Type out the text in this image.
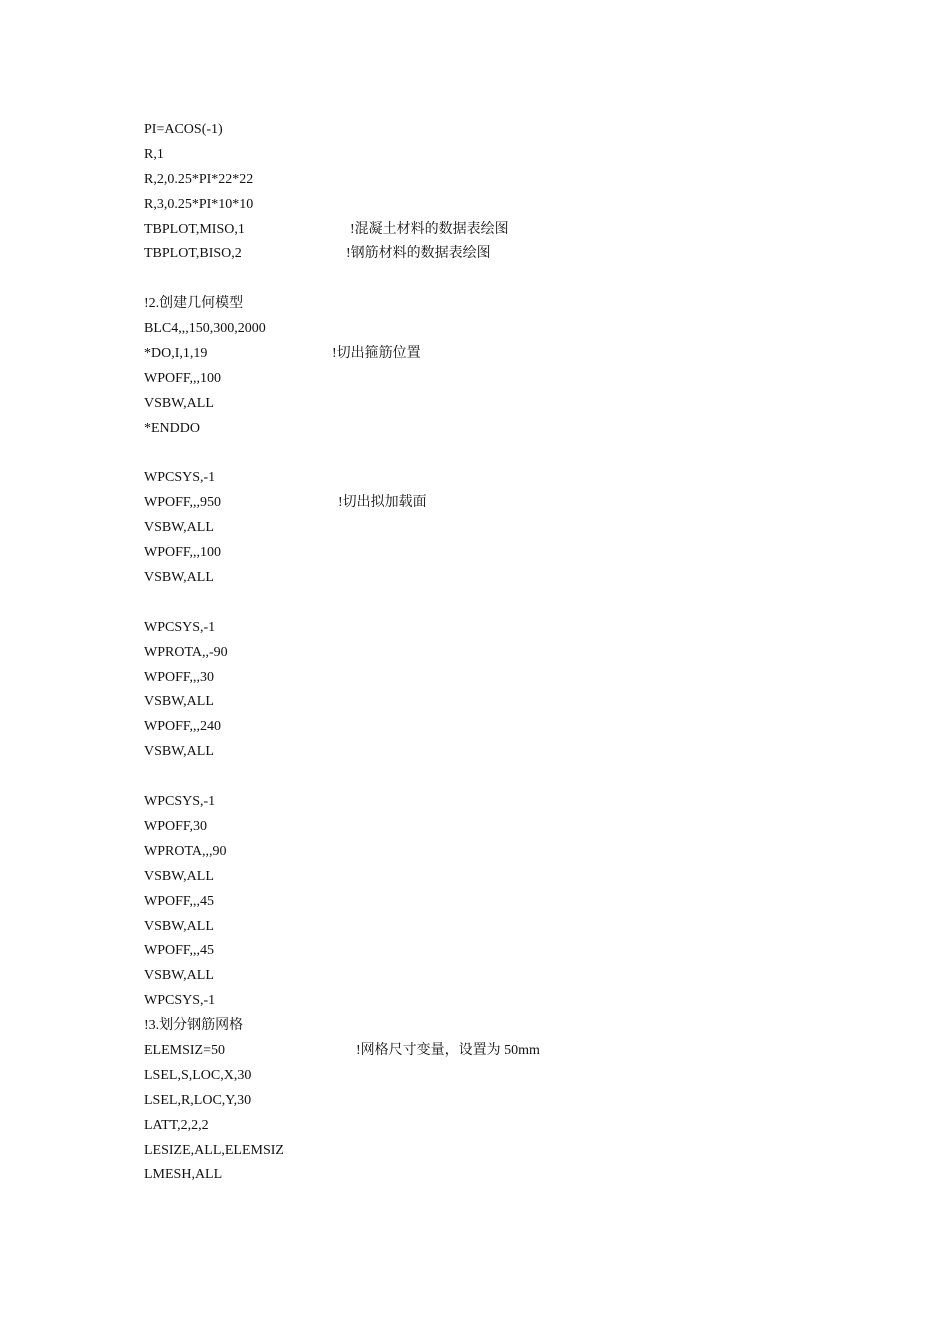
PI=ACOS(-1)
R,1
R,2,0.25*PI*22*22
R,3,0.25*PI*10*10
TBPLOT,MISO,1	!混凝土材料的数据表绘图
TBPLOT,BISO,2	!钢筋材料的数据表绘图
!2.创建几何模型
BLC4,,,150,300,2000
*DO,I,1,19	!切出箍筋位置
WPOFF,,,100
VSBW,ALL
*ENDDO
WPCSYS,-1
WPOFF,,,950	!切出拟加载面
VSBW,ALL
WPOFF,,,100
VSBW,ALL
WPCSYS,-1
WPROTA,,-90
WPOFF,,,30
VSBW,ALL
WPOFF,,,240
VSBW,ALL
WPCSYS,-1
WPOFF,30
WPROTA,,,90
VSBW,ALL
WPOFF,,,45
VSBW,ALL
WPOFF,,,45
VSBW,ALL
WPCSYS,-1
!3.划分钢筋网格
ELEMSIZ=50	!网格尺寸变量，设置为 50mm
LSEL,S,LOC,X,30
LSEL,R,LOC,Y,30
LATT,2,2,2
LESIZE,ALL,ELEMSIZ
LMESH,ALL
